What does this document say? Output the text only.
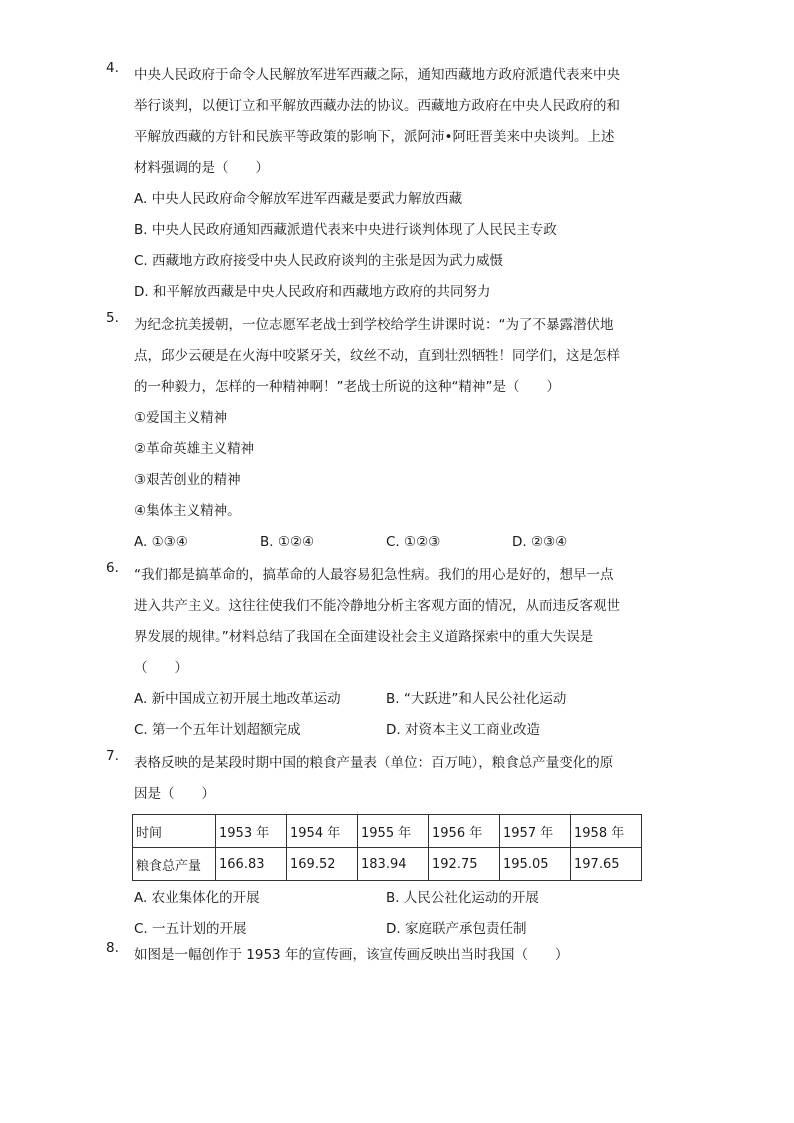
4. 中央人民政府于命令人民解放军进军西藏之际，通知西藏地方政府派遣代表来中央
举行谈判，以便订立和平解放西藏办法的协议。西藏地方政府在中央人民政府的和
平解放西藏的方针和民族平等政策的影响下，派阿沛•阿旺晋美来中央谈判。上述
材料强调的是（　　）
A. 中央人民政府命令解放军进军西藏是要武力解放西藏
B. 中央人民政府通知西藏派遣代表来中央进行谈判体现了人民民主专政
C. 西藏地方政府接受中央人民政府谈判的主张是因为武力威慑
D. 和平解放西藏是中央人民政府和西藏地方政府的共同努力
5. 为纪念抗美援朝，一位志愿军老战士到学校给学生讲课时说：“为了不暴露潜伏地
点，邱少云硬是在火海中咬紧牙关，纹丝不动，直到壮烈牺牲！同学们，这是怎样
的一种毅力，怎样的一种精神啊！”老战士所说的这种“精神”是（　　）
①爱国主义精神
②革命英雄主义精神
③艰苦创业的精神
④集体主义精神。
A. ①③④	B. ①②④	C. ①②③	D. ②③④
6. “我们都是搞革命的，搞革命的人最容易犯急性病。我们的用心是好的，想早一点
进入共产主义。这往往使我们不能冷静地分析主客观方面的情况，从而违反客观世
界发展的规律。”材料总结了我国在全面建设社会主义道路探索中的重大失误是
（　　）
A. 新中国成立初开展土地改革运动	B. “大跃进”和人民公社化运动
C. 第一个五年计划超额完成	D. 对资本主义工商业改造
7. 表格反映的是某段时期中国的粮食产量表（单位：百万吨），粮食总产量变化的原
因是（　　）
时间	1953 年	1954 年	1955 年	1956 年	1957 年	1958 年
粮食总产量	166.83	169.52	183.94	192.75	195.05	197.65
A. 农业集体化的开展	B. 人民公社化运动的开展
C. 一五计划的开展	D. 家庭联产承包责任制
8. 如图是一幅创作于 1953 年的宣传画，该宣传画反映出当时我国（　　）
